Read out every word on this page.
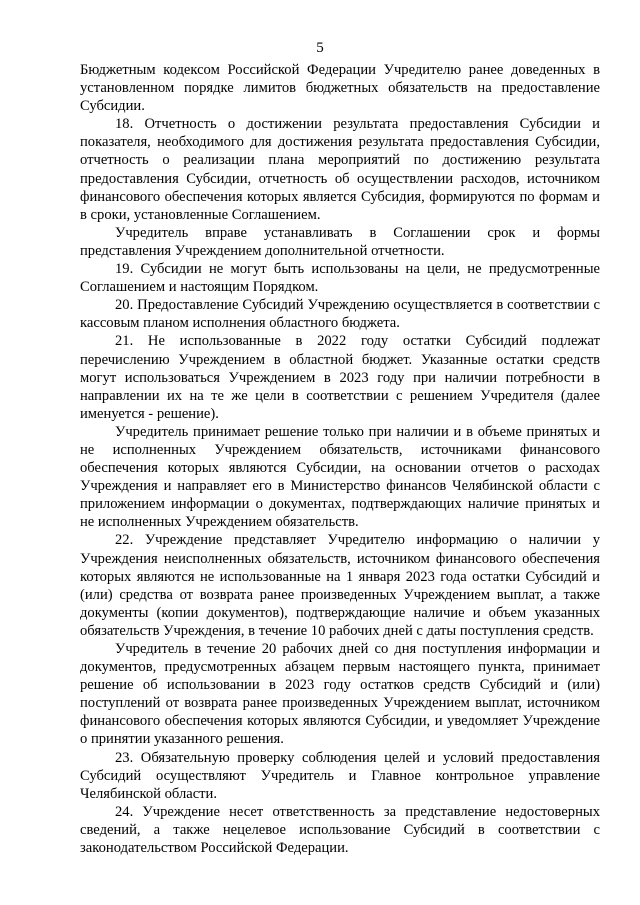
5

Бюджетным кодексом Российской Федерации Учредителю ранее доведенных в установленном порядке лимитов бюджетных обязательств на предоставление Субсидии.

18. Отчетность о достижении результата предоставления Субсидии и показателя, необходимого для достижения результата предоставления Субсидии, отчетность о реализации плана мероприятий по достижению результата предоставления Субсидии, отчетность об осуществлении расходов, источником финансового обеспечения которых является Субсидия, формируются по формам и в сроки, установленные Соглашением.

Учредитель вправе устанавливать в Соглашении срок и формы представления Учреждением дополнительной отчетности.

19. Субсидии не могут быть использованы на цели, не предусмотренные Соглашением и настоящим Порядком.

20. Предоставление Субсидий Учреждению осуществляется в соответствии с кассовым планом исполнения областного бюджета.

21. Не использованные в 2022 году остатки Субсидий подлежат перечислению Учреждением в областной бюджет. Указанные остатки средств могут использоваться Учреждением в 2023 году при наличии потребности в направлении их на те же цели в соответствии с решением Учредителя (далее именуется - решение).

Учредитель принимает решение только при наличии и в объеме принятых и не исполненных Учреждением обязательств, источниками финансового обеспечения которых являются Субсидии, на основании отчетов о расходах Учреждения и направляет его в Министерство финансов Челябинской области с приложением информации о документах, подтверждающих наличие принятых и не исполненных Учреждением обязательств.

22. Учреждение представляет Учредителю информацию о наличии у Учреждения неисполненных обязательств, источником финансового обеспечения которых являются не использованные на 1 января 2023 года остатки Субсидий и (или) средства от возврата ранее произведенных Учреждением выплат, а также документы (копии документов), подтверждающие наличие и объем указанных обязательств Учреждения, в течение 10 рабочих дней с даты поступления средств.

Учредитель в течение 20 рабочих дней со дня поступления информации и документов, предусмотренных абзацем первым настоящего пункта, принимает решение об использовании в 2023 году остатков средств Субсидий и (или) поступлений от возврата ранее произведенных Учреждением выплат, источником финансового обеспечения которых являются Субсидии, и уведомляет Учреждение о принятии указанного решения.

23. Обязательную проверку соблюдения целей и условий предоставления Субсидий осуществляют Учредитель и Главное контрольное управление Челябинской области.

24. Учреждение несет ответственность за представление недостоверных сведений, а также нецелевое использование Субсидий в соответствии с законодательством Российской Федерации.
